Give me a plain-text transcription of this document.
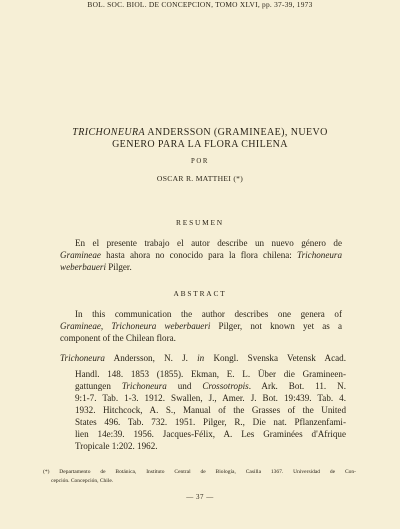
BOL. SOC. BIOL. DE CONCEPCION, TOMO XLVI, pp. 37-39, 1973
TRICHONEURA ANDERSSON (GRAMINEAE), NUEVO
GENERO PARA LA FLORA CHILENA
POR
OSCAR R. MATTHEI (*)
RESUMEN
En el presente trabajo el autor describe un nuevo género de
Gramineae hasta ahora no conocido para la flora chilena: Trichoneura
weberbaueri Pilger.
ABSTRACT
In this communication the author describes one genera of
Gramineae, Trichoneura weberbaueri Pilger, not known yet as a
component of the Chilean flora.
Trichoneura Andersson, N. J. in Kongl. Svenska Vetensk Acad.
Handl. 148. 1853 (1855). Ekman, E. L. Über die Gramineen-
gattungen Trichoneura und Crossotropis. Ark. Bot. 11. N.
9:1-7. Tab. 1-3. 1912. Swallen, J., Amer. J. Bot. 19:439. Tab. 4.
1932. Hitchcock, A. S., Manual of the Grasses of the United
States 496. Tab. 732. 1951. Pilger, R., Die nat. Pflanzenfami-
lien 14e:39. 1956. Jacques-Félix, A. Les Graminées d'Afrique
Tropicale 1:202. 1962.
(*) Departamento de Botánica, Instituto Central de Biología, Casilla 1367. Universidad de Con-
cepción. Concepción, Chile.
— 37 —
